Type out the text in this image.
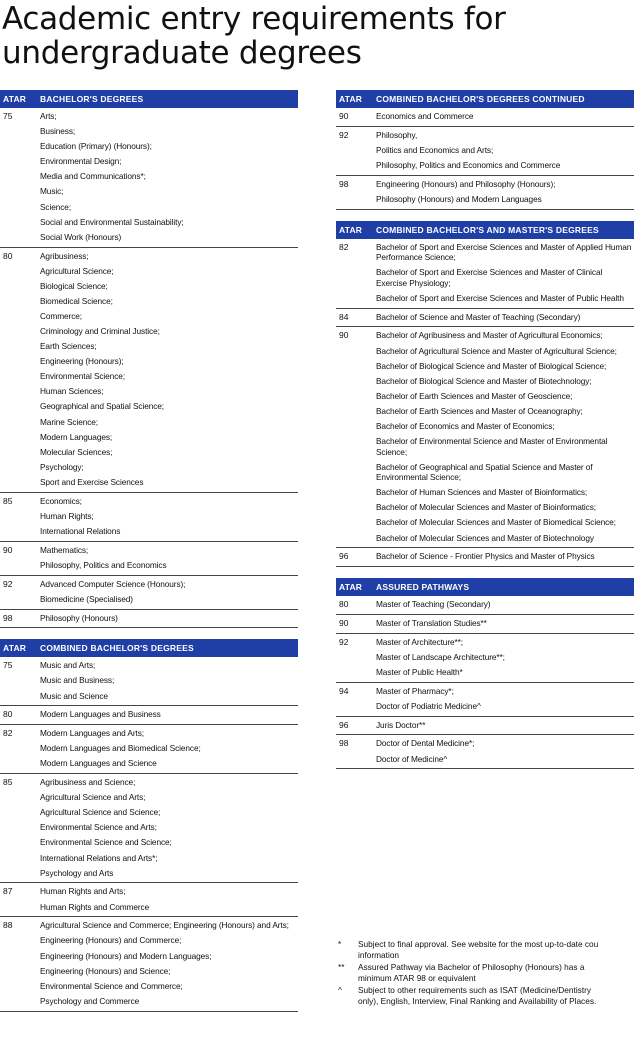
Academic entry requirements for
undergraduate degrees
ATAR	BACHELOR'S DEGREES
75	Arts;
Business;
Education (Primary) (Honours);
Environmental Design;
Media and Communications*;
Music;
Science;
Social and Environmental Sustainability;
Social Work (Honours)
80	Agribusiness;
Agricultural Science;
Biological Science;
Biomedical Science;
Commerce;
Criminology and Criminal Justice;
Earth Sciences;
Engineering (Honours);
Environmental Science;
Human Sciences;
Geographical and Spatial Science;
Marine Science;
Modern Languages;
Molecular Sciences;
Psychology;
Sport and Exercise Sciences
85	Economics;
Human Rights;
International Relations
90	Mathematics;
Philosophy, Politics and Economics
92	Advanced Computer Science (Honours);
Biomedicine (Specialised)
98	Philosophy (Honours)
ATAR	COMBINED BACHELOR'S DEGREES
75	Music and Arts;
Music and Business;
Music and Science
80	Modern Languages and Business
82	Modern Languages and Arts;
Modern Languages and Biomedical Science;
Modern Languages and Science
85	Agribusiness and Science;
Agricultural Science and Arts;
Agricultural Science and Science;
Environmental Science and Arts;
Environmental Science and Science;
International Relations and Arts*;
Psychology and Arts
87	Human Rights and Arts;
Human Rights and Commerce
88	Agricultural Science and Commerce; Engineering (Honours) and Arts;
Engineering (Honours) and Commerce;
Engineering (Honours) and Modern Languages;
Engineering (Honours) and Science;
Environmental Science and Commerce;
Psychology and Commerce
ATAR	COMBINED BACHELOR'S DEGREES CONTINUED
90	Economics and Commerce
92	Philosophy,
Politics and Economics and Arts;
Philosophy, Politics and Economics and Commerce
98	Engineering (Honours) and Philosophy (Honours);
Philosophy (Honours) and Modern Languages
ATAR	COMBINED BACHELOR'S AND MASTER'S DEGREES
82	Bachelor of Sport and Exercise Sciences and Master of Applied Human Performance Science;
Bachelor of Sport and Exercise Sciences and Master of Clinical Exercise Physiology;
Bachelor of Sport and Exercise Sciences and Master of Public Health
84	Bachelor of Science and Master of Teaching (Secondary)
90	Bachelor of Agribusiness and Master of Agricultural Economics;
Bachelor of Agricultural Science and Master of Agricultural Science;
Bachelor of Biological Science and Master of Biological Science;
Bachelor of Biological Science and Master of Biotechnology;
Bachelor of Earth Sciences and Master of Geoscience;
Bachelor of Earth Sciences and Master of Oceanography;
Bachelor of Economics and Master of Economics;
Bachelor of Environmental Science and Master of Environmental Science;
Bachelor of Geographical and Spatial Science and Master of Environmental Science;
Bachelor of Human Sciences and Master of Bioinformatics;
Bachelor of Molecular Sciences and Master of Bioinformatics;
Bachelor of Molecular Sciences and Master of Biomedical Science;
Bachelor of Molecular Sciences and Master of Biotechnology
96	Bachelor of Science - Frontier Physics and Master of Physics
ATAR	ASSURED PATHWAYS
80	Master of Teaching (Secondary)
90	Master of Translation Studies**
92	Master of Architecture**;
Master of Landscape Architecture**;
Master of Public Health*
94	Master of Pharmacy*;
Doctor of Podiatric Medicine^
96	Juris Doctor**
98	Doctor of Dental Medicine*;
Doctor of Medicine^
*	Subject to final approval. See website for the most up-to-date cou
information
**	Assured Pathway via Bachelor of Philosophy (Honours) has a
minimum ATAR 98 or equivalent
^	Subject to other requirements such as ISAT (Medicine/Dentistry
only), English, Interview, Final Ranking and Availability of Places.
